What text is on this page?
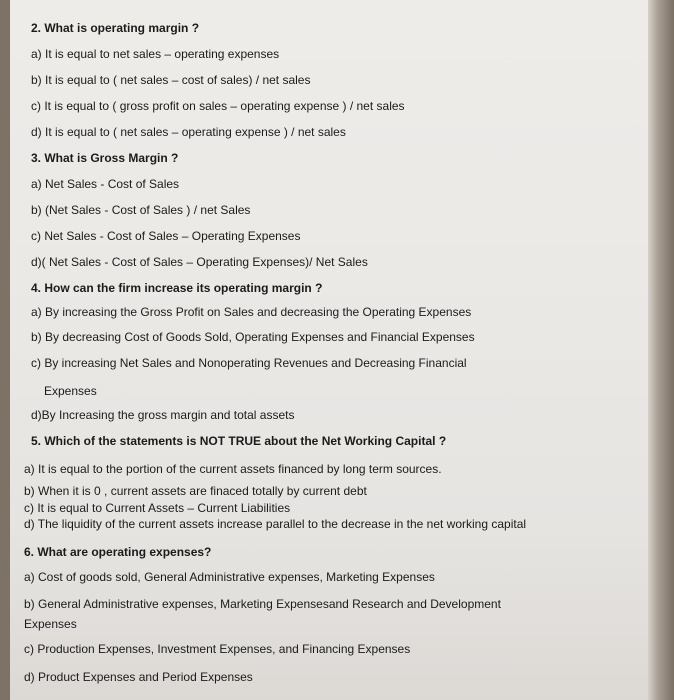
2. What is operating margin ?
a) It is equal to net sales – operating expenses
b) It is equal to ( net sales – cost of sales) / net sales
c) It is equal to ( gross profit on sales – operating expense ) / net sales
d) It is equal to ( net sales – operating expense ) / net sales
3. What is Gross Margin ?
a) Net Sales - Cost of Sales
b) (Net Sales - Cost of Sales ) / net Sales
c) Net Sales - Cost of Sales – Operating Expenses
d)( Net Sales - Cost of Sales – Operating Expenses)/ Net Sales
4. How can the firm increase its operating margin ?
a) By increasing the Gross Profit on Sales and decreasing the Operating Expenses
b) By decreasing Cost of Goods Sold, Operating Expenses and Financial Expenses
c) By increasing Net Sales and Nonoperating Revenues and Decreasing Financial
Expenses
d)By Increasing the gross margin and total assets
5. Which of the statements is NOT TRUE about the Net Working Capital ?
a) It is equal to the portion of the current assets financed by long term sources.
b) When it is 0 , current assets are finaced totally by current debt
c) It is equal to Current Assets – Current Liabilities
d) The liquidity of the current assets increase parallel to the decrease in the net working capital
6. What are operating expenses?
a) Cost of goods sold, General Administrative expenses, Marketing Expenses
b) General Administrative expenses, Marketing Expensesand Research and Development
Expenses
c) Production Expenses, Investment Expenses, and Financing Expenses
d) Product Expenses and Period Expenses
